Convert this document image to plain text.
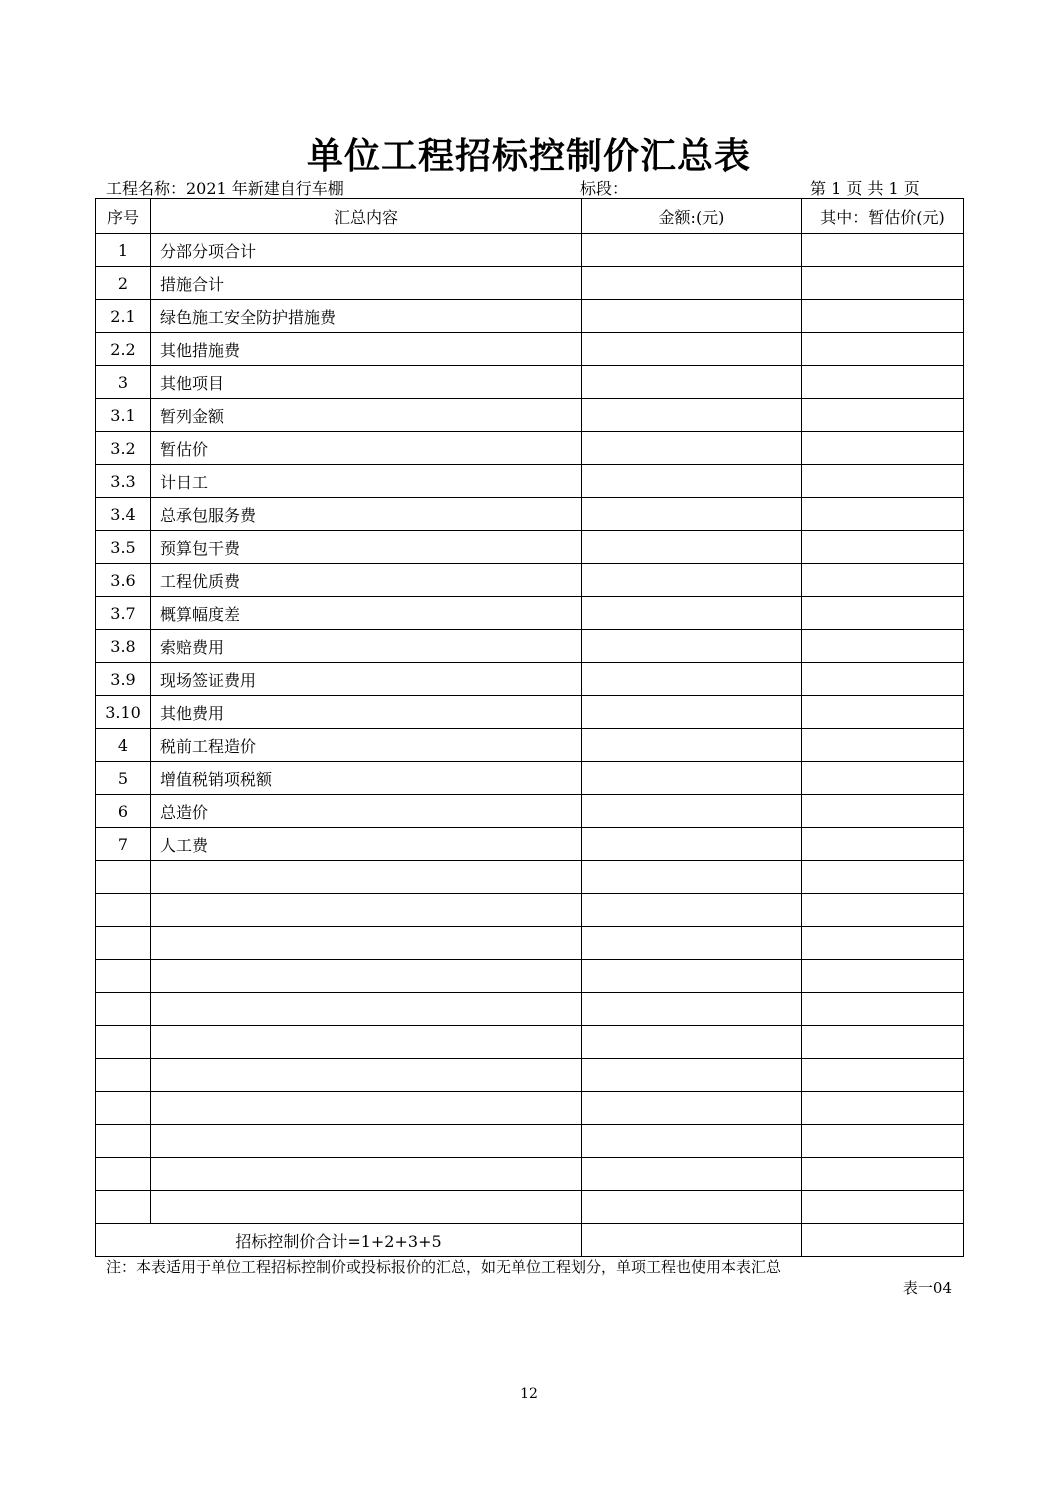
单位工程招标控制价汇总表
工程名称：2021 年新建自行车棚	标段：	第 1 页 共 1 页
序号	汇总内容	金额:(元)	其中：暂估价(元)
1	分部分项合计		
2	措施合计		
2.1	绿色施工安全防护措施费		
2.2	其他措施费		
3	其他项目		
3.1	暂列金额		
3.2	暂估价		
3.3	计日工		
3.4	总承包服务费		
3.5	预算包干费		
3.6	工程优质费		
3.7	概算幅度差		
3.8	索赔费用		
3.9	现场签证费用		
3.10	其他费用		
4	税前工程造价		
5	增值税销项税额		
6	总造价		
7	人工费		

招标控制价合计=1+2+3+5			
注：本表适用于单位工程招标控制价或投标报价的汇总，如无单位工程划分，单项工程也使用本表汇总
表一04
12
